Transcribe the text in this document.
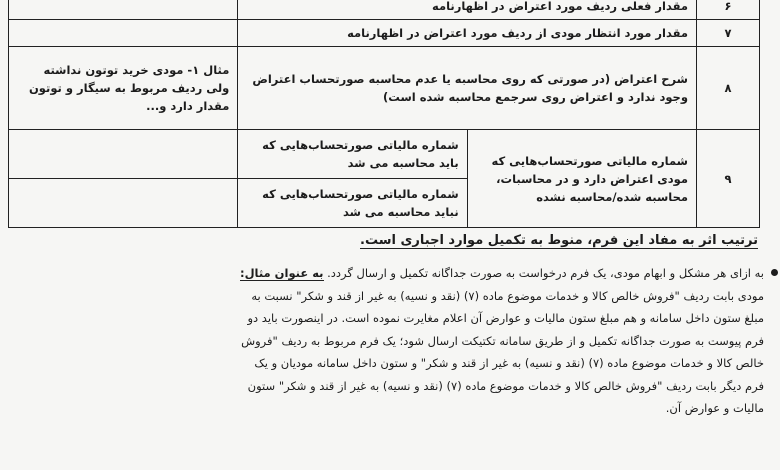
۶	مقدار فعلی ردیف مورد اعتراض در اظهارنامه		
۷	مقدار مورد انتظار مودی از ردیف مورد اعتراض در اظهارنامه		
۸	شرح اعتراض (در صورتی که روی محاسبه یا عدم محاسبه صورتحساب اعتراض وجود ندارد و اعتراض روی سرجمع محاسبه شده است)		مثال ۱- مودی خرید توتون نداشته ولی ردیف مربوط به سیگار و توتون مقدار دارد و...
۹	شماره مالیاتی صورتحساب‌هایی که مودی اعتراض دارد و در محاسبات، محاسبه شده/محاسبه نشده	شماره مالیاتی صورتحساب‌هایی که باید محاسبه می شد	
		شماره مالیاتی صورتحساب‌هایی که نباید محاسبه می شد	
ترتیب اثر به مفاد این فرم، منوط به تکمیل موارد اجباری است.
به ازای هر مشکل و ابهام مودی، یک فرم درخواست به صورت جداگانه تکمیل و ارسال گردد. به عنوان مثال:
مودی بابت ردیف "فروش خالص کالا و خدمات موضوع ماده (۷) (نقد و نسیه) به غیر از قند و شکر" نسبت به
مبلغ ستون داخل سامانه و هم مبلغ ستون مالیات و عوارض آن اعلام مغایرت نموده است. در اینصورت باید دو
فرم پیوست به صورت جداگانه تکمیل و از طریق سامانه تکتیکت ارسال شود؛ یک فرم مربوط به ردیف "فروش
خالص کالا و خدمات موضوع ماده (۷) (نقد و نسیه) به غیر از قند و شکر" و ستون داخل سامانه مودیان و یک
فرم دیگر بابت ردیف "فروش خالص کالا و خدمات موضوع ماده (۷) (نقد و نسیه) به غیر از قند و شکر" ستون
مالیات و عوارض آن.
